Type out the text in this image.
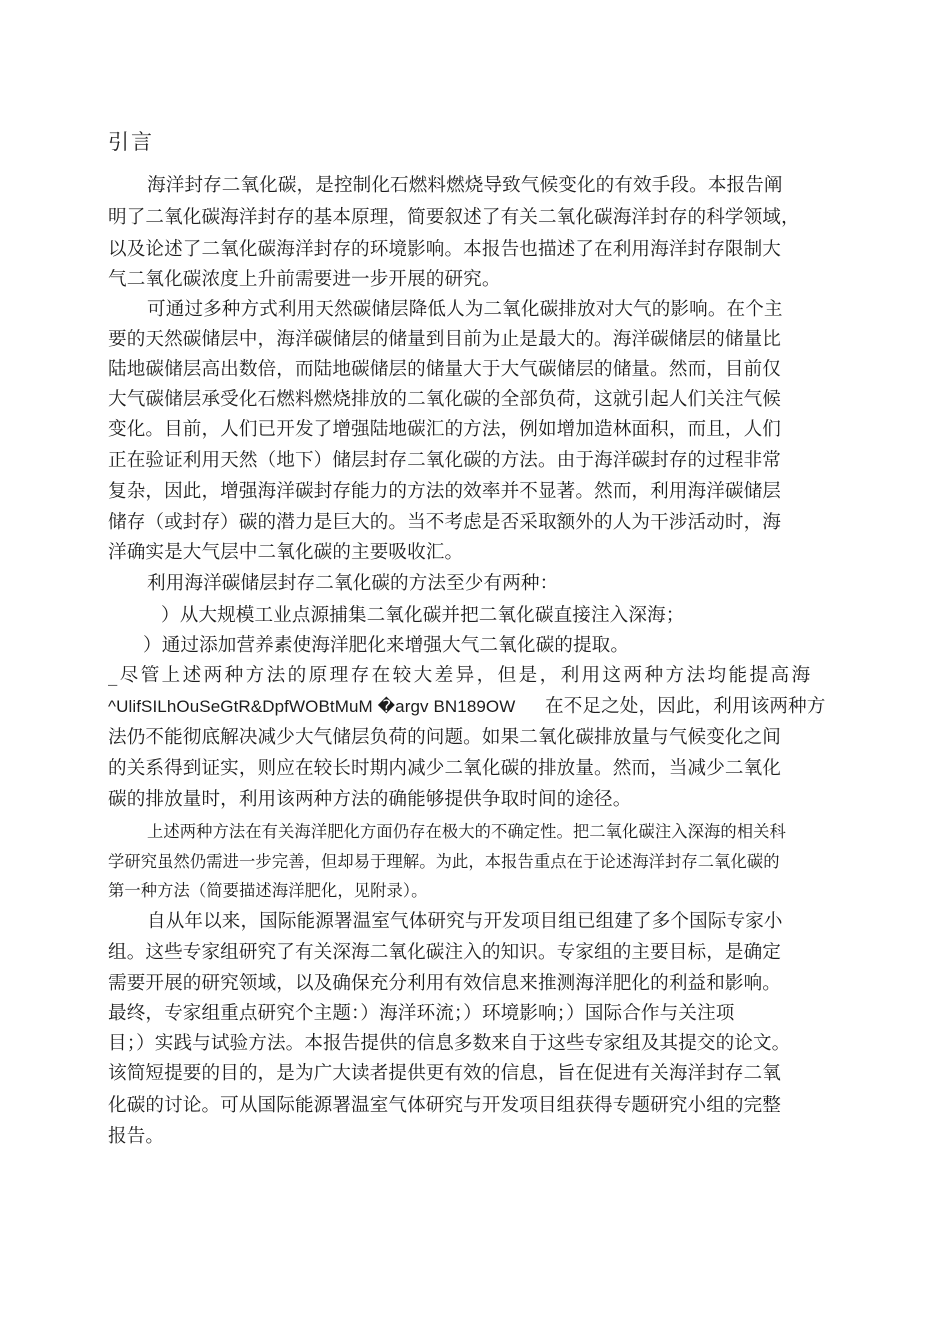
引言
海洋封存二氧化碳，是控制化石燃料燃烧导致气候变化的有效手段。本报告阐
明了二氧化碳海洋封存的基本原理，简要叙述了有关二氧化碳海洋封存的科学领域，
以及论述了二氧化碳海洋封存的环境影响。本报告也描述了在利用海洋封存限制大
气二氧化碳浓度上升前需要进一步开展的研究。
可通过多种方式利用天然碳储层降低人为二氧化碳排放对大气的影响。在个主
要的天然碳储层中，海洋碳储层的储量到目前为止是最大的。海洋碳储层的储量比
陆地碳储层高出数倍，而陆地碳储层的储量大于大气碳储层的储量。然而，目前仅
大气碳储层承受化石燃料燃烧排放的二氧化碳的全部负荷，这就引起人们关注气候
变化。目前，人们已开发了增强陆地碳汇的方法，例如增加造林面积，而且，人们
正在验证利用天然（地下）储层封存二氧化碳的方法。由于海洋碳封存的过程非常
复杂，因此，增强海洋碳封存能力的方法的效率并不显著。然而，利用海洋碳储层
储存（或封存）碳的潜力是巨大的。当不考虑是否采取额外的人为干涉活动时，海
洋确实是大气层中二氧化碳的主要吸收汇。
利用海洋碳储层封存二氧化碳的方法至少有两种：
）从大规模工业点源捕集二氧化碳并把二氧化碳直接注入深海；
）通过添加营养素使海洋肥化来增强大气二氧化碳的提取。
_尽管上述两种方法的原理存在较大差异，但是，利用这两种方法均能提高海
^UlifSILhOuSeGtR&DpfWOBtMuM �argv BN189OW 在不足之处，因此，利用该两种方
法仍不能彻底解决减少大气储层负荷的问题。如果二氧化碳排放量与气候变化之间
的关系得到证实，则应在较长时期内减少二氧化碳的排放量。然而，当减少二氧化
碳的排放量时，利用该两种方法的确能够提供争取时间的途径。
上述两种方法在有关海洋肥化方面仍存在极大的不确定性。把二氧化碳注入深海的相关科
学研究虽然仍需进一步完善，但却易于理解。为此，本报告重点在于论述海洋封存二氧化碳的
第一种方法（简要描述海洋肥化，见附录）。
自从年以来，国际能源署温室气体研究与开发项目组已组建了多个国际专家小
组。这些专家组研究了有关深海二氧化碳注入的知识。专家组的主要目标，是确定
需要开展的研究领域，以及确保充分利用有效信息来推测海洋肥化的利益和影响。
最终，专家组重点研究个主题：）海洋环流；）环境影响；）国际合作与关注项
目；）实践与试验方法。本报告提供的信息多数来自于这些专家组及其提交的论文。
该简短提要的目的，是为广大读者提供更有效的信息，旨在促进有关海洋封存二氧
化碳的讨论。可从国际能源署温室气体研究与开发项目组获得专题研究小组的完整
报告。
